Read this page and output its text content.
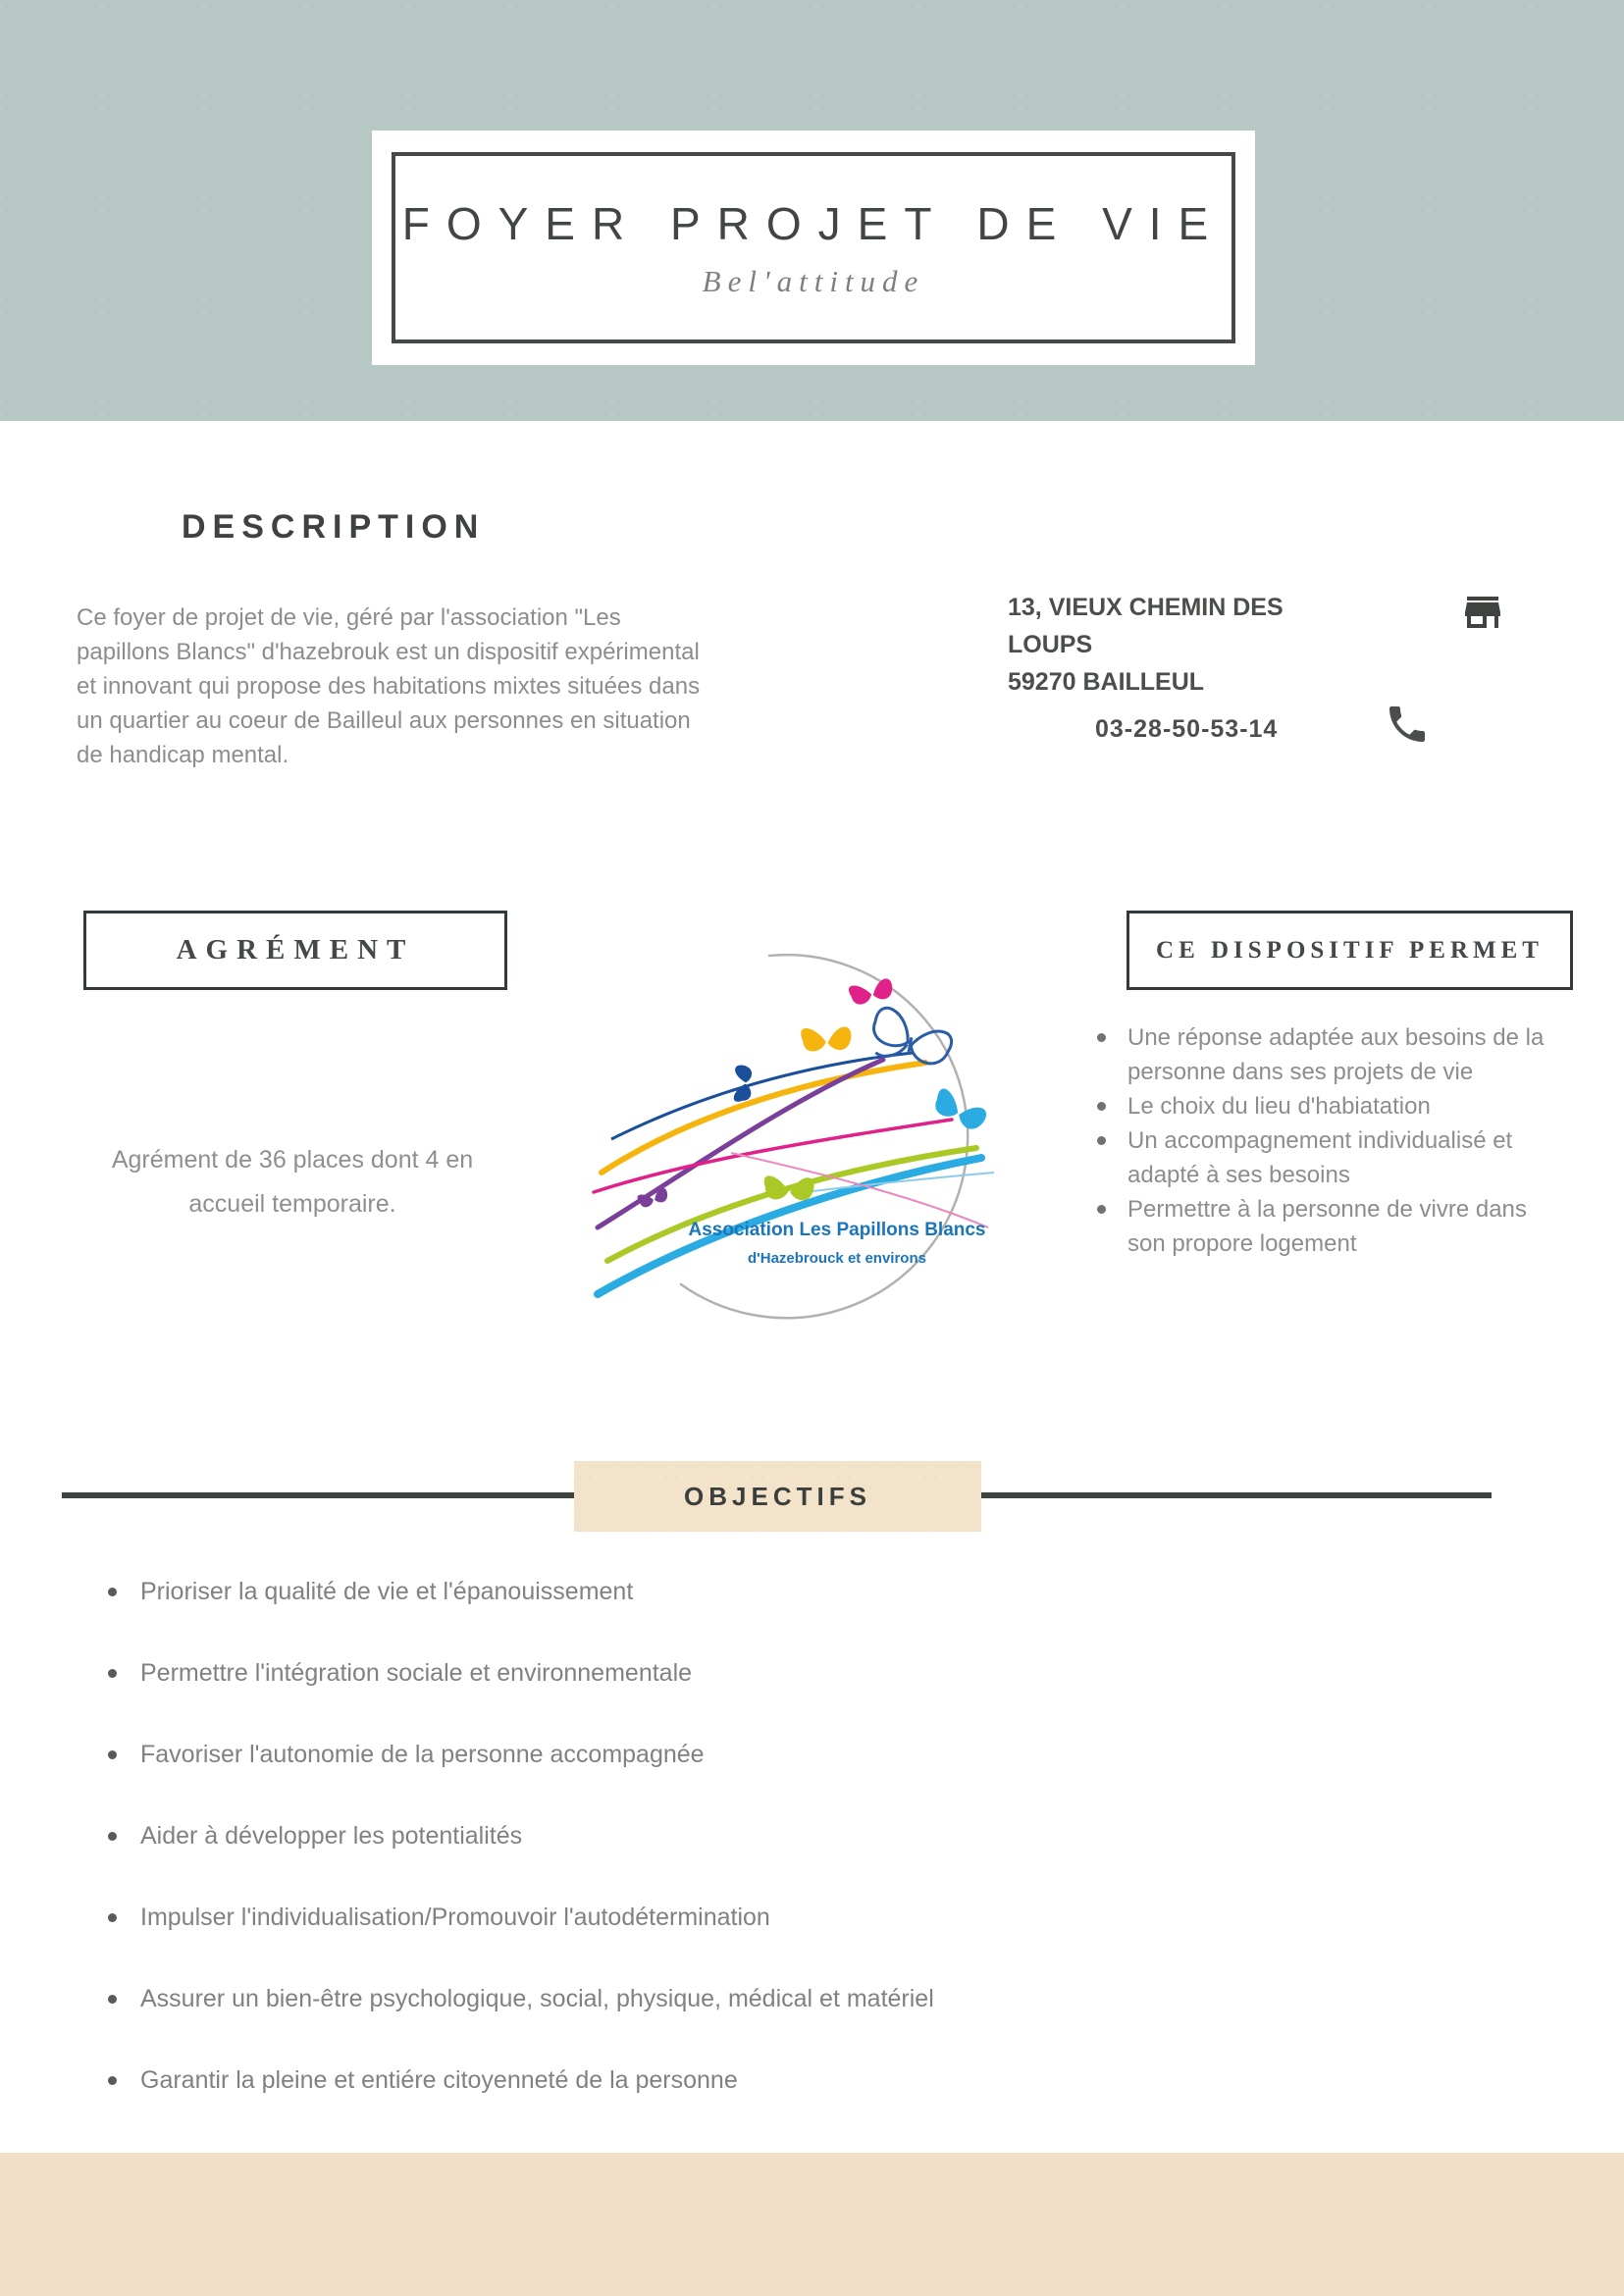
FOYER PROJET DE VIE
Bel'attitude
DESCRIPTION

Ce foyer de projet de vie, géré par l'association "Les papillons Blancs" d'hazebrouk est un dispositif expérimental et innovant qui propose des habitations mixtes situées dans un quartier au coeur de Bailleul aux personnes en situation de handicap mental.

13, VIEUX CHEMIN DES LOUPS
59270 BAILLEUL
03-28-50-53-14
AGRÉMENT
Agrément de 36 places dont 4 en accueil temporaire.
Association Les Papillons Blancs
d'Hazebrouck et environs
CE DISPOSITIF PERMET
Une réponse adaptée aux besoins de la personne dans ses projets de vie
Le choix du lieu d'habiatation
Un accompagnement individualisé et adapté à ses besoins
Permettre à la personne de vivre dans son propore logement
OBJECTIFS
Prioriser la qualité de vie et l'épanouissement
Permettre l'intégration sociale et environnementale
Favoriser l'autonomie de la personne accompagnée
Aider à développer les potentialités
Impulser l'individualisation/Promouvoir l'autodétermination
Assurer un bien-être psychologique, social, physique, médical et matériel
Garantir la pleine et entiére citoyenneté de la personne
